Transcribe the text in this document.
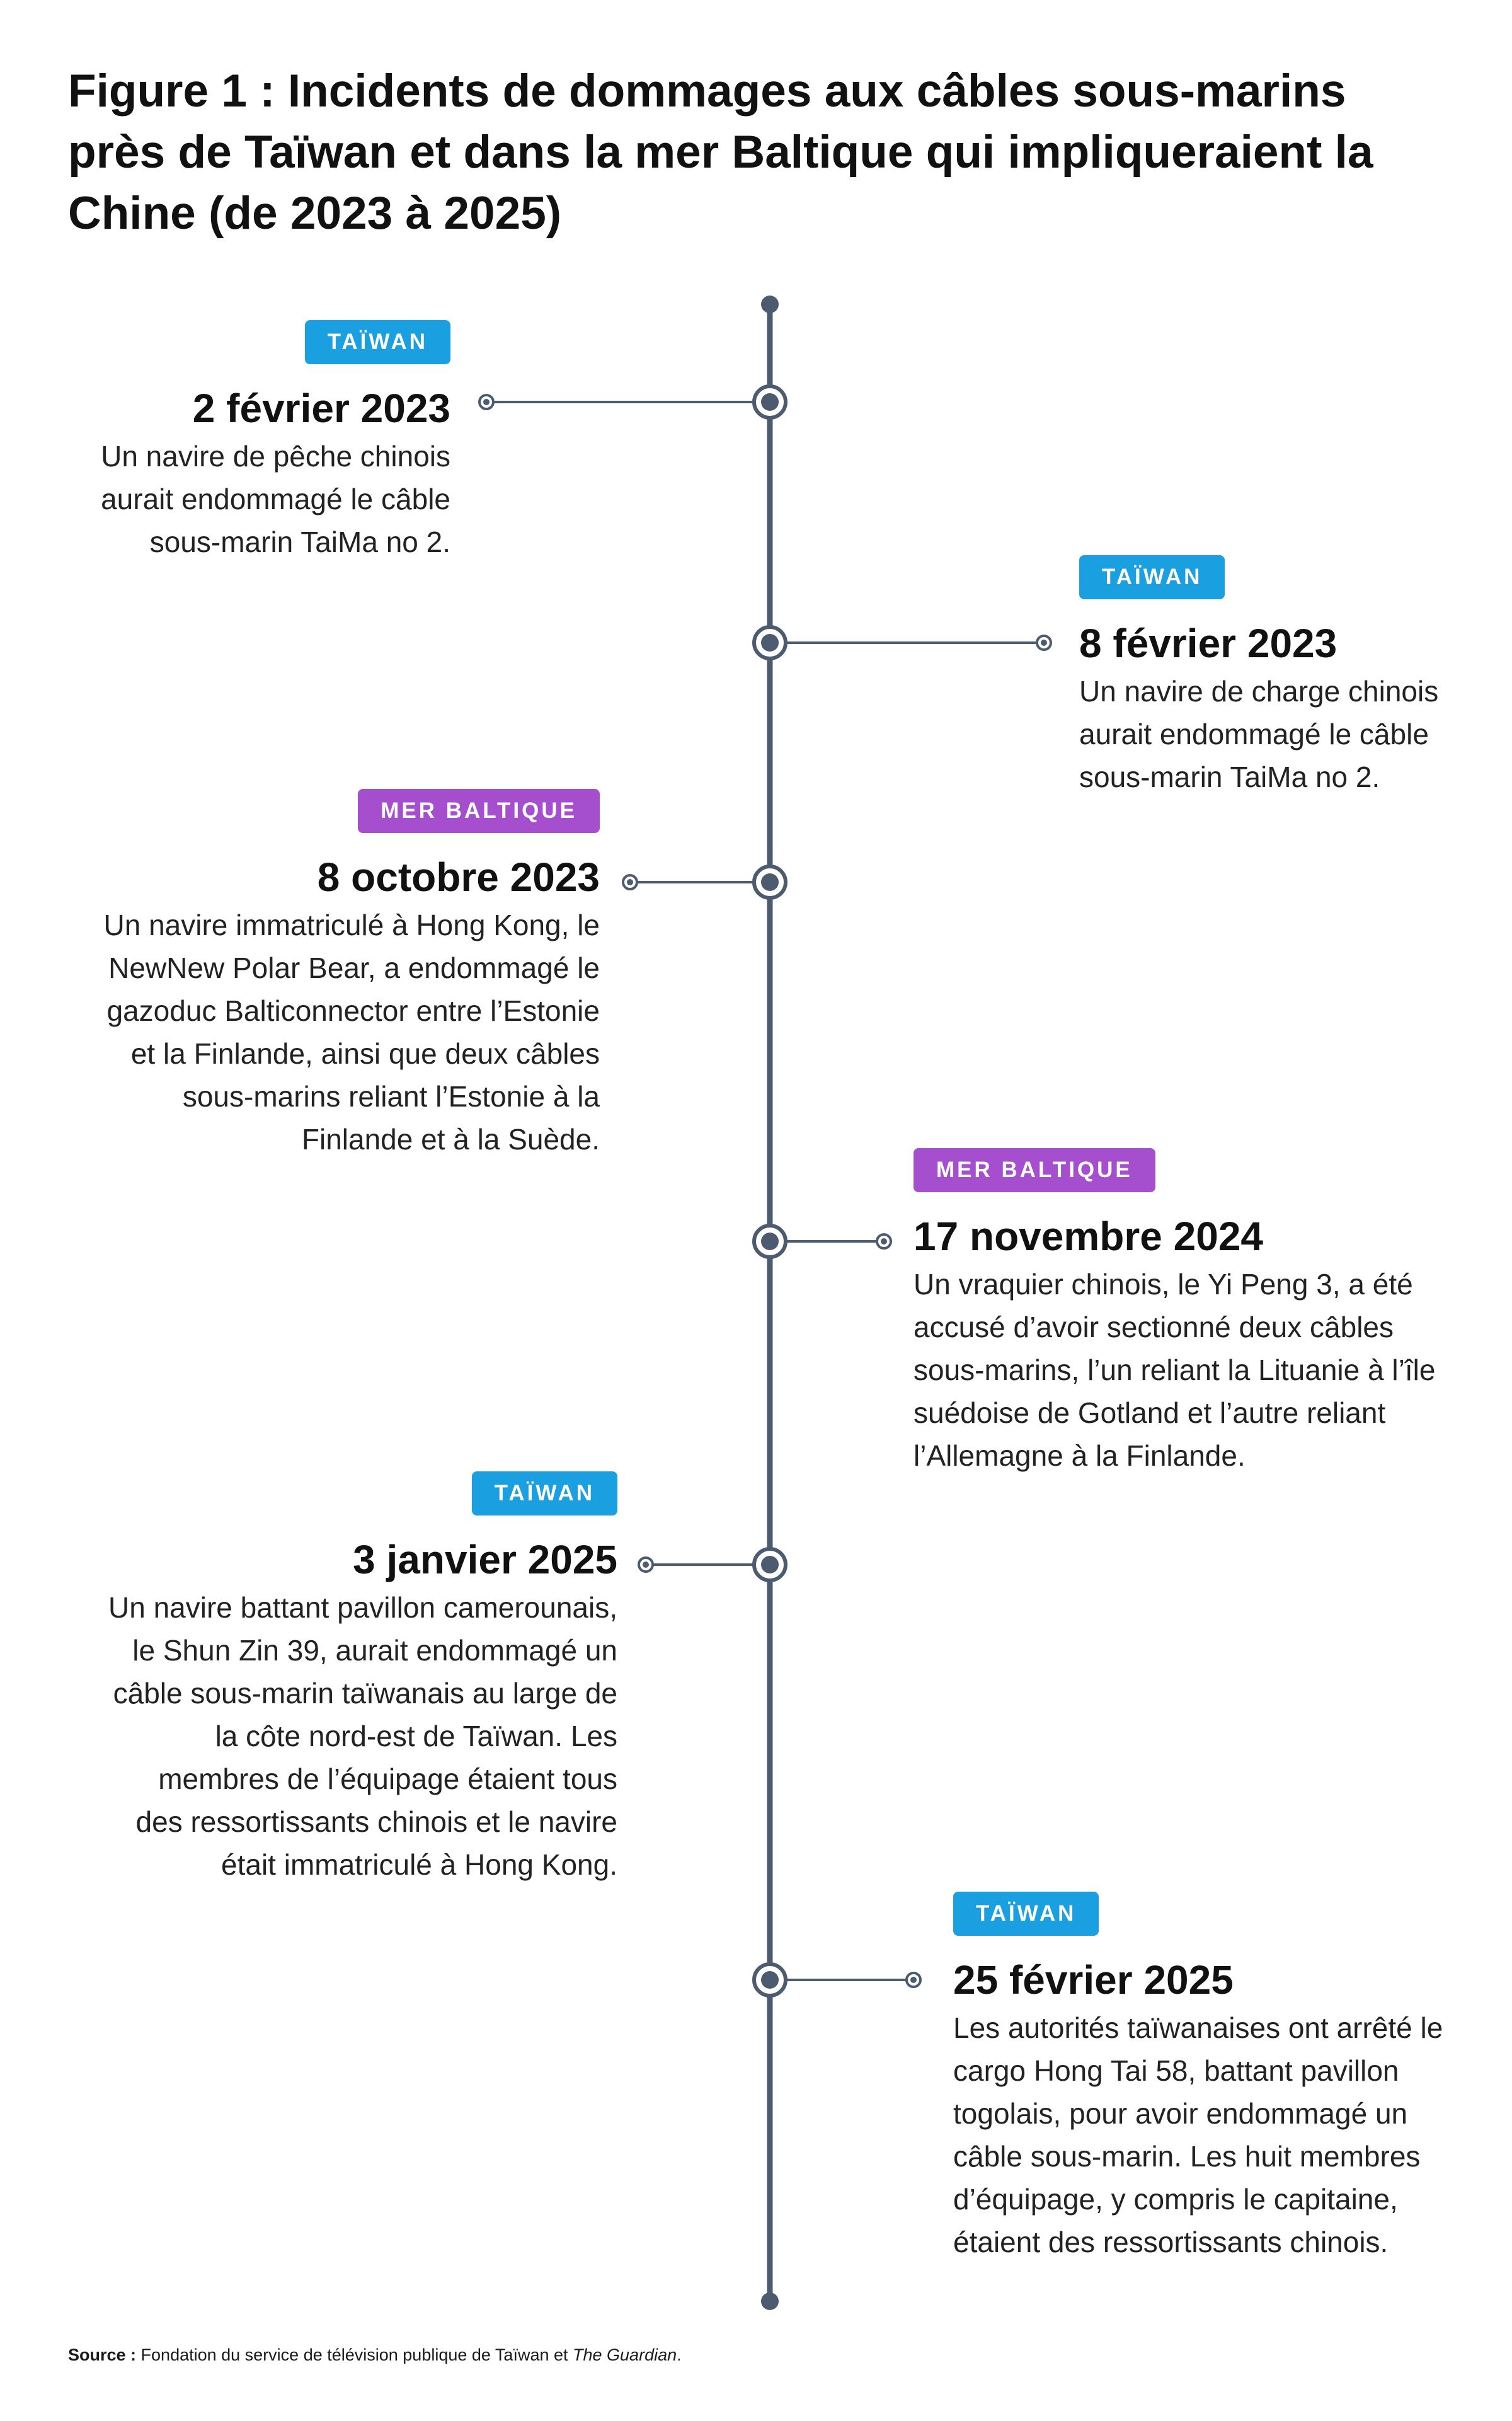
Figure 1 : Incidents de dommages aux câbles sous-marins près de Taïwan et dans la mer Baltique qui impliqueraient la Chine (de 2023 à 2025)
TAÏWAN
2 février 2023
Un navire de pêche chinois
aurait endommagé le câble
sous-marin TaiMa no 2.
TAÏWAN
8 février 2023
Un navire de charge chinois
aurait endommagé le câble
sous-marin TaiMa no 2.
MER BALTIQUE
8 octobre 2023
Un navire immatriculé à Hong Kong, le
NewNew Polar Bear, a endommagé le
gazoduc Balticonnector entre l’Estonie
et la Finlande, ainsi que deux câbles
sous-marins reliant l’Estonie à la
Finlande et à la Suède.
MER BALTIQUE
17 novembre 2024
Un vraquier chinois, le Yi Peng 3, a été
accusé d’avoir sectionné deux câbles
sous-marins, l’un reliant la Lituanie à l’île
suédoise de Gotland et l’autre reliant
l’Allemagne à la Finlande.
TAÏWAN
3 janvier 2025
Un navire battant pavillon camerounais,
le Shun Zin 39, aurait endommagé un
câble sous-marin taïwanais au large de
la côte nord-est de Taïwan. Les
membres de l’équipage étaient tous
des ressortissants chinois et le navire
était immatriculé à Hong Kong.
TAÏWAN
25 février 2025
Les autorités taïwanaises ont arrêté le
cargo Hong Tai 58, battant pavillon
togolais, pour avoir endommagé un
câble sous-marin. Les huit membres
d’équipage, y compris le capitaine,
étaient des ressortissants chinois.
Source : Fondation du service de télévision publique de Taïwan et The Guardian.
